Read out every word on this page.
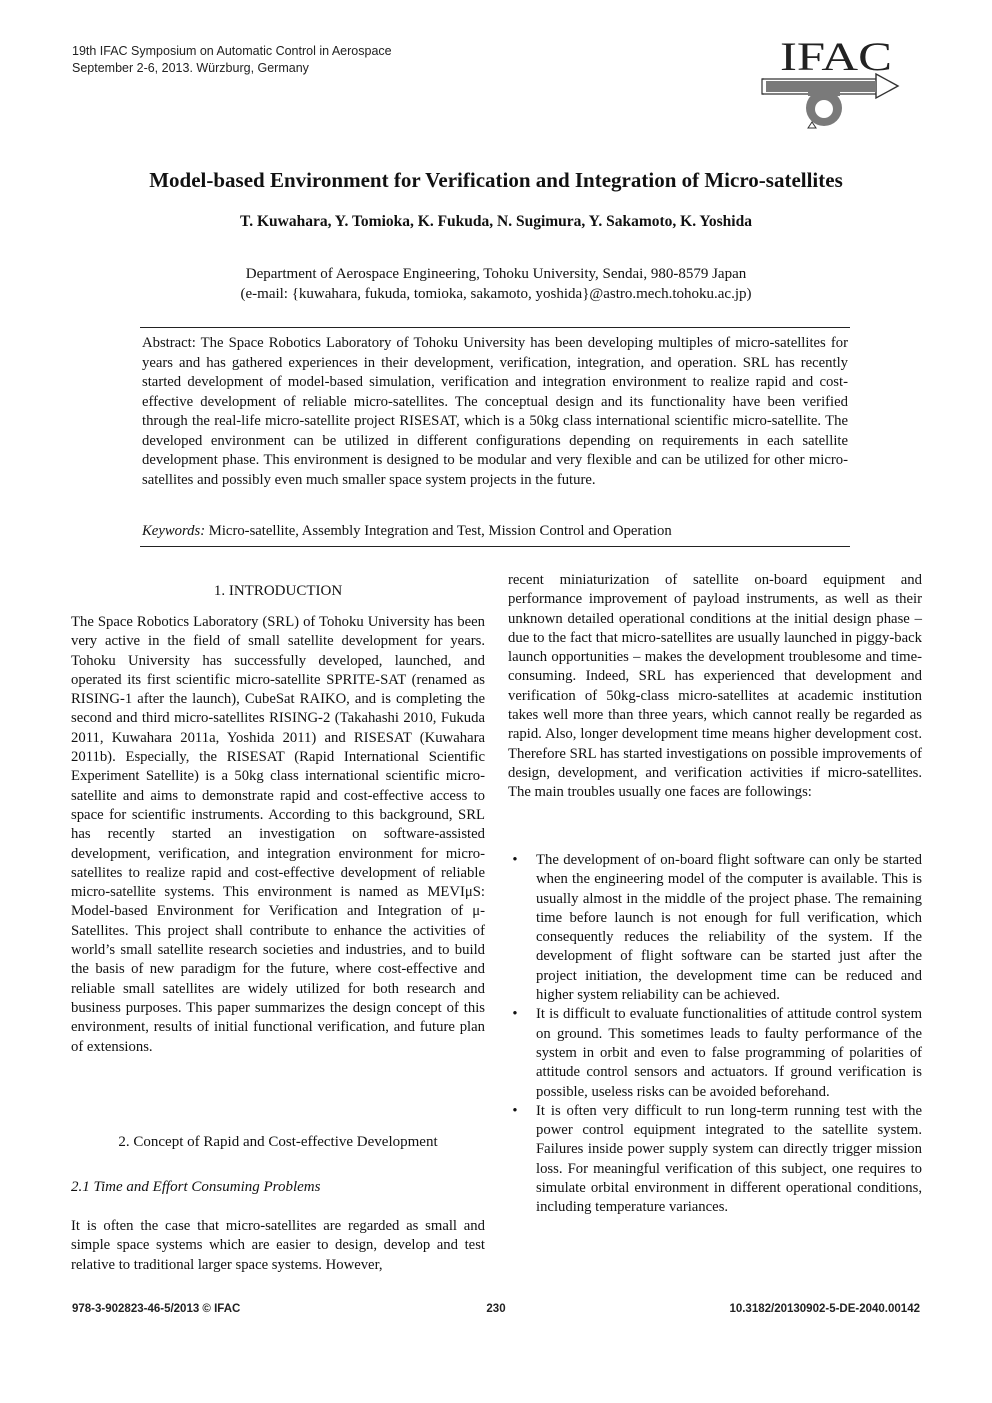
19th IFAC Symposium on Automatic Control in Aerospace
September 2-6, 2013. Würzburg, Germany	IFAC
Model-based Environment for Verification and Integration of Micro-satellites
T. Kuwahara, Y. Tomioka, K. Fukuda, N. Sugimura, Y. Sakamoto, K. Yoshida
Department of Aerospace Engineering, Tohoku University, Sendai, 980-8579 Japan
(e-mail: {kuwahara, fukuda, tomioka, sakamoto, yoshida}@astro.mech.tohoku.ac.jp)
Abstract: The Space Robotics Laboratory of Tohoku University has been developing multiples of micro-satellites for years and has gathered experiences in their development, verification, integration, and operation. SRL has recently started development of model-based simulation, verification and integration environment to realize rapid and cost-effective development of reliable micro-satellites. The conceptual design and its functionality have been verified through the real-life micro-satellite project RISESAT, which is a 50kg class international scientific micro-satellite. The developed environment can be utilized in different configurations depending on requirements in each satellite development phase. This environment is designed to be modular and very flexible and can be utilized for other micro-satellites and possibly even much smaller space system projects in the future.
Keywords: Micro-satellite, Assembly Integration and Test, Mission Control and Operation
1. INTRODUCTION
The Space Robotics Laboratory (SRL) of Tohoku University has been very active in the field of small satellite development for years. Tohoku University has successfully developed, launched, and operated its first scientific micro-satellite SPRITE-SAT (renamed as RISING-1 after the launch), CubeSat RAIKO, and is completing the second and third micro-satellites RISING-2 (Takahashi 2010, Fukuda 2011, Kuwahara 2011a, Yoshida 2011) and RISESAT (Kuwahara 2011b). Especially, the RISESAT (Rapid International Scientific Experiment Satellite) is a 50kg class international scientific micro-satellite and aims to demonstrate rapid and cost-effective access to space for scientific instruments. According to this background, SRL has recently started an investigation on software-assisted development, verification, and integration environment for micro-satellites to realize rapid and cost-effective development of reliable micro-satellite systems. This environment is named as MEVIμS: Model-based Environment for Verification and Integration of μ-Satellites. This project shall contribute to enhance the activities of world’s small satellite research societies and industries, and to build the basis of new paradigm for the future, where cost-effective and reliable small satellites are widely utilized for both research and business purposes. This paper summarizes the design concept of this environment, results of initial functional verification, and future plan of extensions.
2. Concept of Rapid and Cost-effective Development
2.1 Time and Effort Consuming Problems
It is often the case that micro-satellites are regarded as small and simple space systems which are easier to design, develop and test relative to traditional larger space systems. However,
recent miniaturization of satellite on-board equipment and performance improvement of payload instruments, as well as their unknown detailed operational conditions at the initial design phase – due to the fact that micro-satellites are usually launched in piggy-back launch opportunities – makes the development troublesome and time-consuming. Indeed, SRL has experienced that development and verification of 50kg-class micro-satellites at academic institution takes well more than three years, which cannot really be regarded as rapid. Also, longer development time means higher development cost. Therefore SRL has started investigations on possible improvements of design, development, and verification activities if micro-satellites. The main troubles usually one faces are followings:
•	The development of on-board flight software can only be started when the engineering model of the computer is available. This is usually almost in the middle of the project phase. The remaining time before launch is not enough for full verification, which consequently reduces the reliability of the system. If the development of flight software can be started just after the project initiation, the development time can be reduced and higher system reliability can be achieved.
•	It is difficult to evaluate functionalities of attitude control system on ground. This sometimes leads to faulty performance of the system in orbit and even to false programming of polarities of attitude control sensors and actuators. If ground verification is possible, useless risks can be avoided beforehand.
•	It is often very difficult to run long-term running test with the power control equipment integrated to the satellite system. Failures inside power supply system can directly trigger mission loss. For meaningful verification of this subject, one requires to simulate orbital environment in different operational conditions, including temperature variances.
978-3-902823-46-5/2013 © IFAC	230	10.3182/20130902-5-DE-2040.00142
